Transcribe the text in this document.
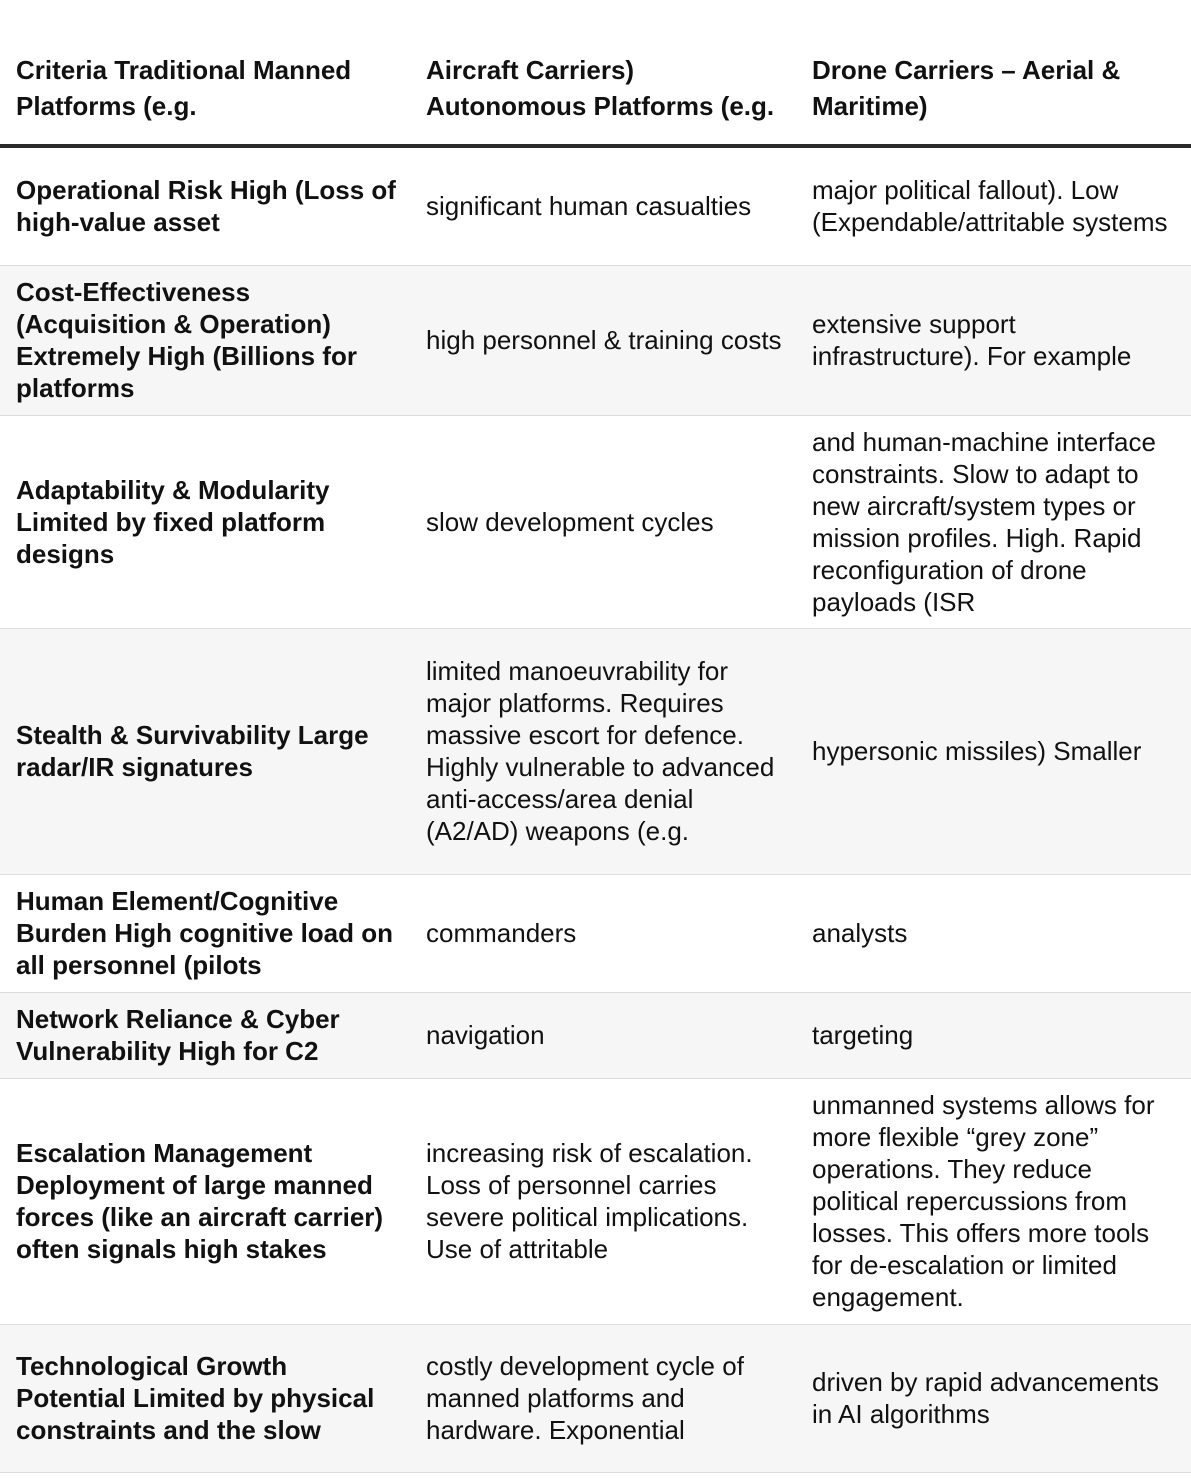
Criteria Traditional Manned Platforms (e.g.	Aircraft Carriers) Autonomous Platforms (e.g.	Drone Carriers – Aerial & Maritime)
Operational Risk High (Loss of high-value asset	significant human casualties	major political fallout). Low (Expendable/attritable systems
Cost-Effectiveness (Acquisition & Operation) Extremely High (Billions for platforms	high personnel & training costs	extensive support infrastructure). For example
Adaptability & Modularity Limited by fixed platform designs	slow development cycles	and human-machine interface constraints. Slow to adapt to new aircraft/system types or mission profiles. High. Rapid reconfiguration of drone payloads (ISR
Stealth & Survivability Large radar/IR signatures	limited manoeuvrability for major platforms. Requires massive escort for defence. Highly vulnerable to advanced anti-access/area denial (A2/AD) weapons (e.g.	hypersonic missiles) Smaller
Human Element/Cognitive Burden High cognitive load on all personnel (pilots	commanders	analysts
Network Reliance & Cyber Vulnerability High for C2	navigation	targeting
Escalation Management Deployment of large manned forces (like an aircraft carrier) often signals high stakes	increasing risk of escalation. Loss of personnel carries severe political implications. Use of attritable	unmanned systems allows for more flexible “grey zone” operations. They reduce political repercussions from losses. This offers more tools for de-escalation or limited engagement.
Technological Growth Potential Limited by physical constraints and the slow	costly development cycle of manned platforms and hardware. Exponential	driven by rapid advancements in AI algorithms
